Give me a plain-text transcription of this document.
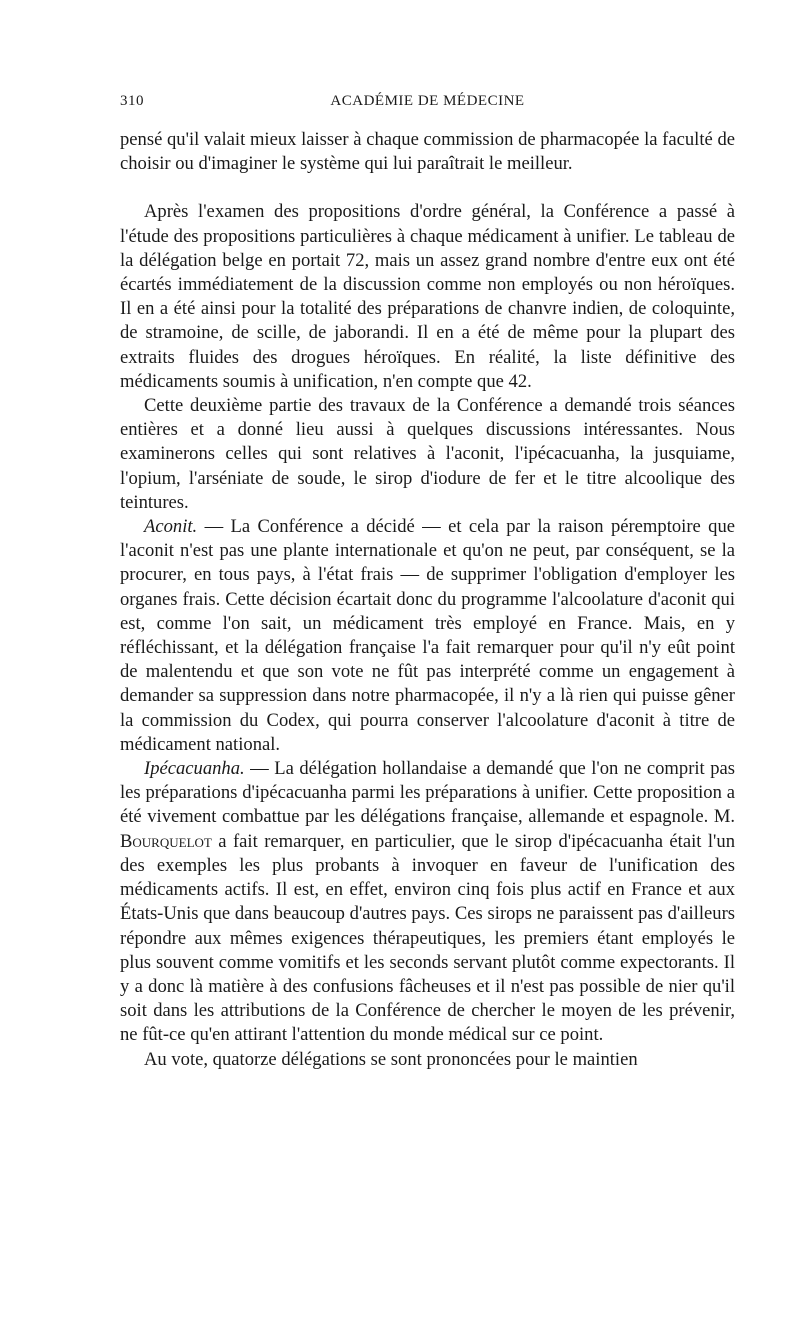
310	ACADÉMIE DE MÉDECINE

pensé qu'il valait mieux laisser à chaque commission de pharmacopée la faculté de choisir ou d'imaginer le système qui lui paraîtrait le meilleur.

Après l'examen des propositions d'ordre général, la Conférence a passé à l'étude des propositions particulières à chaque médicament à unifier. Le tableau de la délégation belge en portait 72, mais un assez grand nombre d'entre eux ont été écartés immédiatement de la discussion comme non employés ou non héroïques. Il en a été ainsi pour la totalité des préparations de chanvre indien, de coloquinte, de stramoine, de scille, de jaborandi. Il en a été de même pour la plupart des extraits fluides des drogues héroïques. En réalité, la liste définitive des médicaments soumis à unification, n'en compte que 42.

Cette deuxième partie des travaux de la Conférence a demandé trois séances entières et a donné lieu aussi à quelques discussions intéressantes. Nous examinerons celles qui sont relatives à l'aconit, l'ipécacuanha, la jusquiame, l'opium, l'arséniate de soude, le sirop d'iodure de fer et le titre alcoolique des teintures.

Aconit. — La Conférence a décidé — et cela par la raison péremptoire que l'aconit n'est pas une plante internationale et qu'on ne peut, par conséquent, se la procurer, en tous pays, à l'état frais — de supprimer l'obligation d'employer les organes frais. Cette décision écartait donc du programme l'alcoolature d'aconit qui est, comme l'on sait, un médicament très employé en France. Mais, en y réfléchissant, et la délégation française l'a fait remarquer pour qu'il n'y eût point de malentendu et que son vote ne fût pas interprété comme un engagement à demander sa suppression dans notre pharmacopée, il n'y a là rien qui puisse gêner la commission du Codex, qui pourra conserver l'alcoolature d'aconit à titre de médicament national.

Ipécacuanha. — La délégation hollandaise a demandé que l'on ne comprit pas les préparations d'ipécacuanha parmi les préparations à unifier. Cette proposition a été vivement combattue par les délégations française, allemande et espagnole. M. Bourquelot a fait remarquer, en particulier, que le sirop d'ipécacuanha était l'un des exemples les plus probants à invoquer en faveur de l'unification des médicaments actifs. Il est, en effet, environ cinq fois plus actif en France et aux États-Unis que dans beaucoup d'autres pays. Ces sirops ne paraissent pas d'ailleurs répondre aux mêmes exigences thérapeutiques, les premiers étant employés le plus souvent comme vomitifs et les seconds servant plutôt comme expectorants. Il y a donc là matière à des confusions fâcheuses et il n'est pas possible de nier qu'il soit dans les attributions de la Conférence de chercher le moyen de les prévenir, ne fût-ce qu'en attirant l'attention du monde médical sur ce point.

Au vote, quatorze délégations se sont prononcées pour le maintien
